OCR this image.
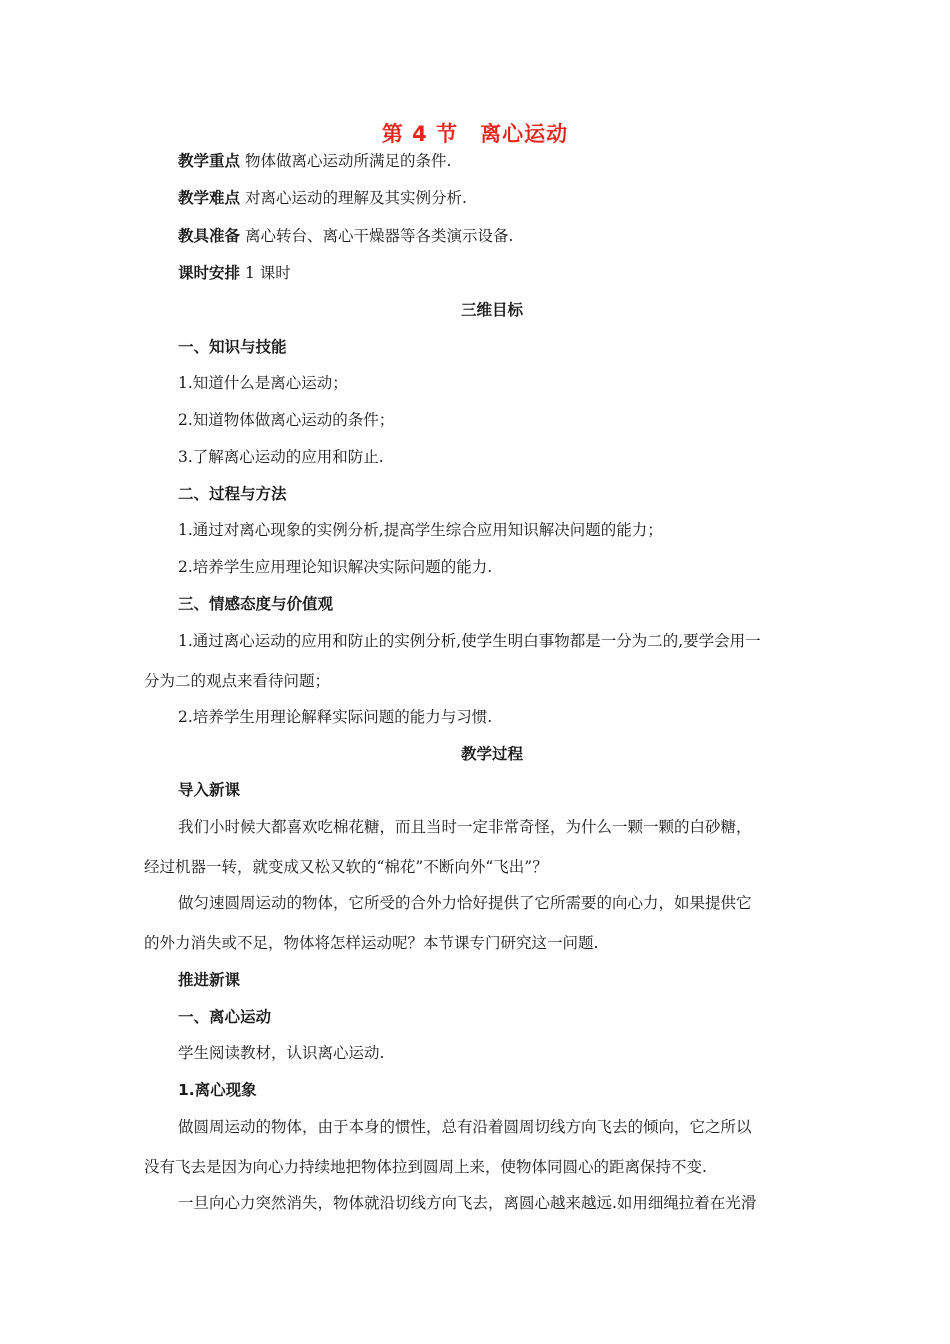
第 4 节 离心运动
教学重点 物体做离心运动所满足的条件.
教学难点 对离心运动的理解及其实例分析.
教具准备 离心转台、离心干燥器等各类演示设备.
课时安排 1 课时
三维目标
一、知识与技能
1.知道什么是离心运动；
2.知道物体做离心运动的条件；
3.了解离心运动的应用和防止.
二、过程与方法
1.通过对离心现象的实例分析,提高学生综合应用知识解决问题的能力；
2.培养学生应用理论知识解决实际问题的能力.
三、情感态度与价值观
1.通过离心运动的应用和防止的实例分析,使学生明白事物都是一分为二的,要学会用一
分为二的观点来看待问题；
2.培养学生用理论解释实际问题的能力与习惯.
教学过程
导入新课
我们小时候大都喜欢吃棉花糖，而且当时一定非常奇怪，为什么一颗一颗的白砂糖，
经过机器一转，就变成又松又软的“棉花”不断向外“飞出”？
做匀速圆周运动的物体，它所受的合外力恰好提供了它所需要的向心力，如果提供它
的外力消失或不足，物体将怎样运动呢？本节课专门研究这一问题.
推进新课
一、离心运动
学生阅读教材，认识离心运动.
1.离心现象
做圆周运动的物体，由于本身的惯性，总有沿着圆周切线方向飞去的倾向，它之所以
没有飞去是因为向心力持续地把物体拉到圆周上来，使物体同圆心的距离保持不变.
一旦向心力突然消失，物体就沿切线方向飞去，离圆心越来越远.如用细绳拉着在光滑
